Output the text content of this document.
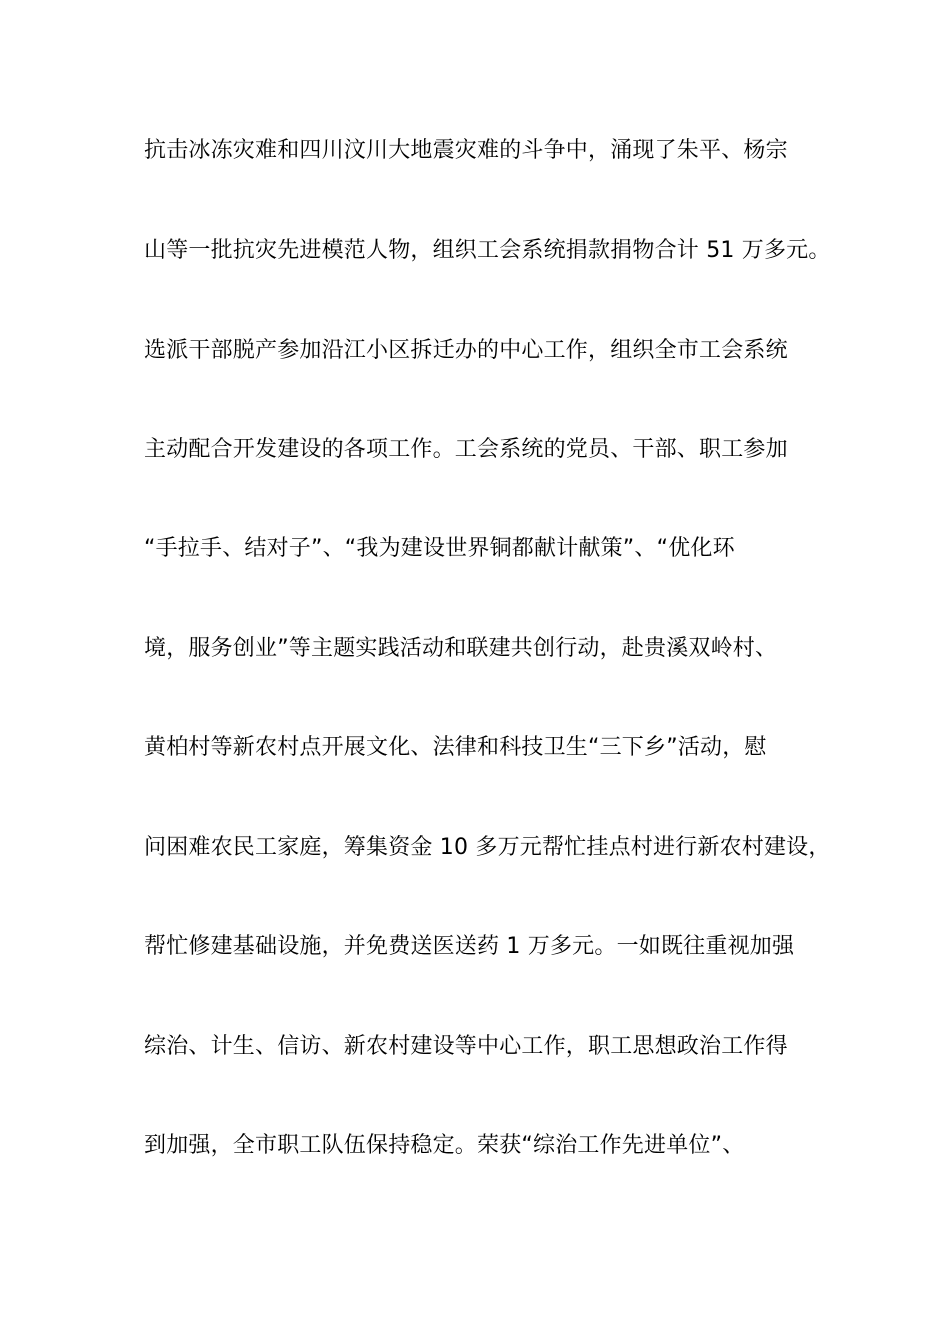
抗击冰冻灾难和四川汶川大地震灾难的斗争中，涌现了朱平、杨宗

山等一批抗灾先进模范人物，组织工会系统捐款捐物合计 51 万多元。

选派干部脱产参加沿江小区拆迁办的中心工作，组织全市工会系统

主动配合开发建设的各项工作。工会系统的党员、干部、职工参加

“手拉手、结对子”、“我为建设世界铜都献计献策”、“优化环

境，服务创业”等主题实践活动和联建共创行动，赴贵溪双岭村、

黄柏村等新农村点开展文化、法律和科技卫生“三下乡”活动，慰

问困难农民工家庭，筹集资金 10 多万元帮忙挂点村进行新农村建设，

帮忙修建基础设施，并免费送医送药 1 万多元。一如既往重视加强

综治、计生、信访、新农村建设等中心工作，职工思想政治工作得

到加强，全市职工队伍保持稳定。荣获“综治工作先进单位”、
